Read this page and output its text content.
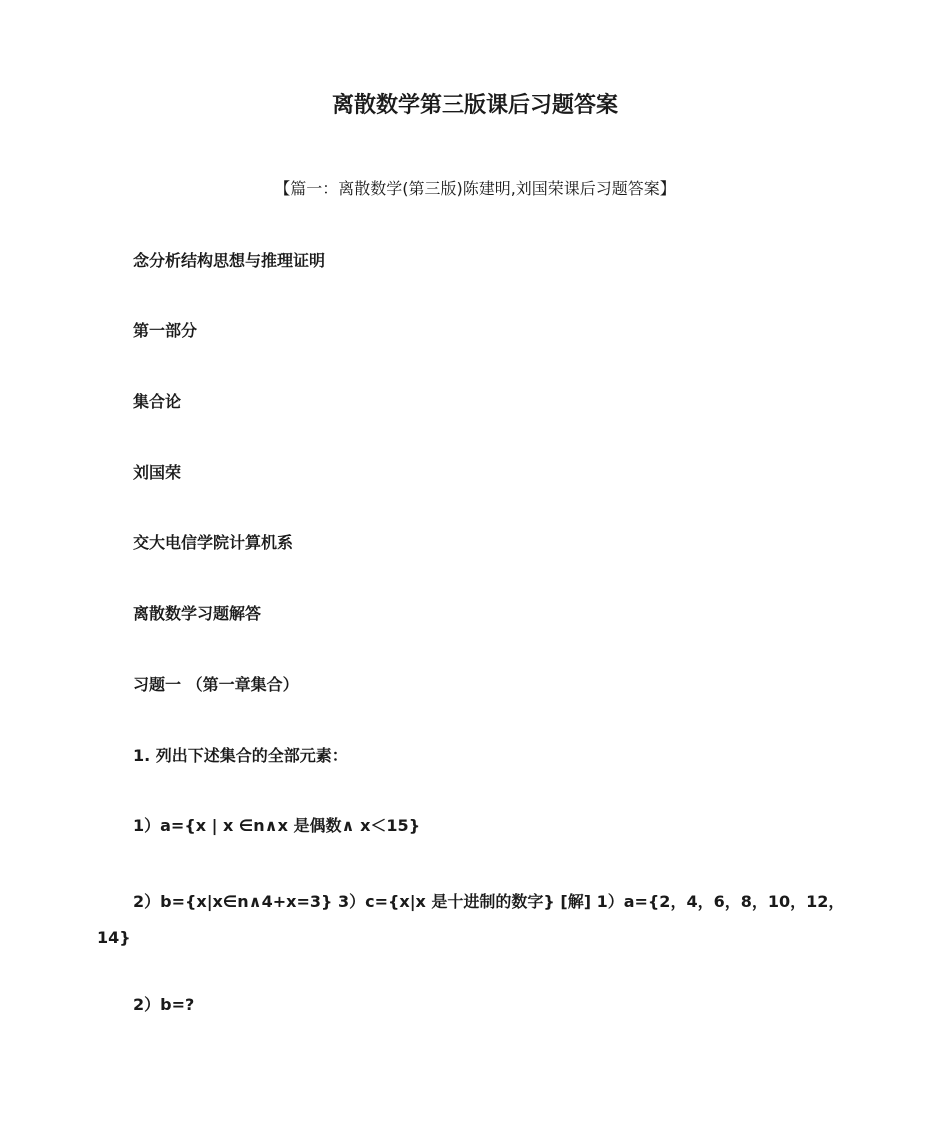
离散数学第三版课后习题答案
【篇一：离散数学(第三版)陈建明,刘国荣课后习题答案】
念分析结构思想与推理证明
第一部分
集合论
刘国荣
交大电信学院计算机系
离散数学习题解答
习题一 （第一章集合）
1. 列出下述集合的全部元素：
1）a={x | x ∈n∧x 是偶数∧ x＜15}
2）b={x|x∈n∧4+x=3} 3）c={x|x 是十进制的数字} [解] 1）a={2，4，6，8，10，12，
14}
2）b=?
